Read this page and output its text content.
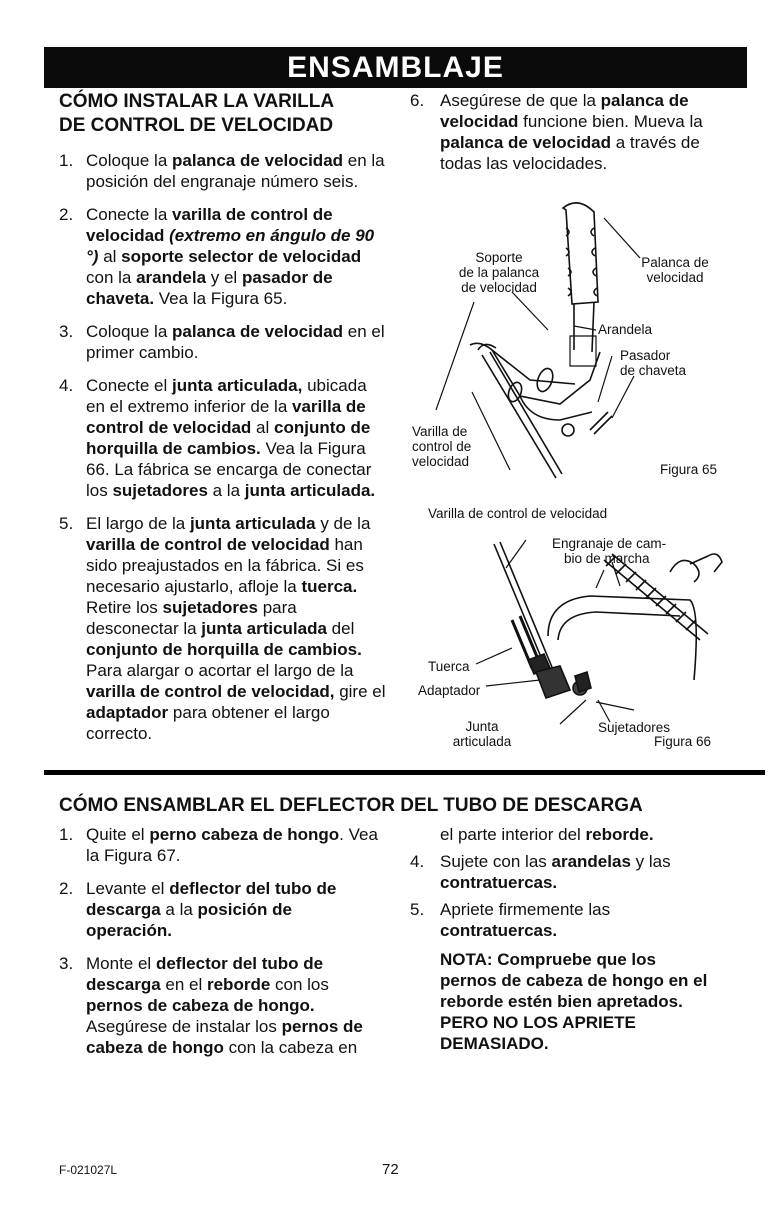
ENSAMBLAJE
CÓMO INSTALAR LA VARILLA
DE CONTROL DE VELOCIDAD
1. Coloque la palanca de velocidad en la posición del engranaje número seis.
2. Conecte la varilla de control de velocidad (extremo en ángulo de 90 °) al soporte selector de velocidad con la arandela y el pasador de chaveta. Vea la Figura 65.
3. Coloque la palanca de velocidad en el primer cambio.
4. Conecte el junta articulada, ubicada en el extremo inferior de la varilla de control de velocidad al conjunto de horquilla de cambios. Vea la Figura 66. La fábrica se encarga de conectar los sujetadores a la junta articulada.
5. El largo de la junta articulada y de la varilla de control de velocidad han sido preajustados en la fábrica. Si es necesario ajustarlo, afloje la tuerca. Retire los sujetadores para desconectar la junta articulada del conjunto de horquilla de cambios. Para alargar o acortar el largo de la varilla de control de velocidad, gire el adaptador para obtener el largo correcto.
6. Asegúrese de que la palanca de velocidad funcione bien. Mueva la palanca de velocidad a través de todas las velocidades.
Soporte
de la palanca
de velocidad
Palanca de
velocidad
Arandela
Pasador
de chaveta
Varilla de
control de
velocidad
Figura 65
Varilla de control de velocidad
Engranaje de cam-
bio de marcha
Tuerca
Adaptador
Junta
articulada
Sujetadores
Figura 66
CÓMO ENSAMBLAR EL DEFLECTOR DEL TUBO DE DESCARGA
1. Quite el perno cabeza de hongo. Vea la Figura 67.
2. Levante el deflector del tubo de descarga a la posición de operación.
3. Monte el deflector del tubo de descarga en el reborde con los pernos de cabeza de hongo. Asegúrese de instalar los pernos de cabeza de hongo con la cabeza en
el parte interior del reborde.
4. Sujete con las arandelas y las contratuercas.
5. Apriete firmemente las contratuercas.
NOTA: Compruebe que los pernos de cabeza de hongo en el reborde estén bien apretados. PERO NO LOS APRIETE DEMASIADO.
F-021027L	72
